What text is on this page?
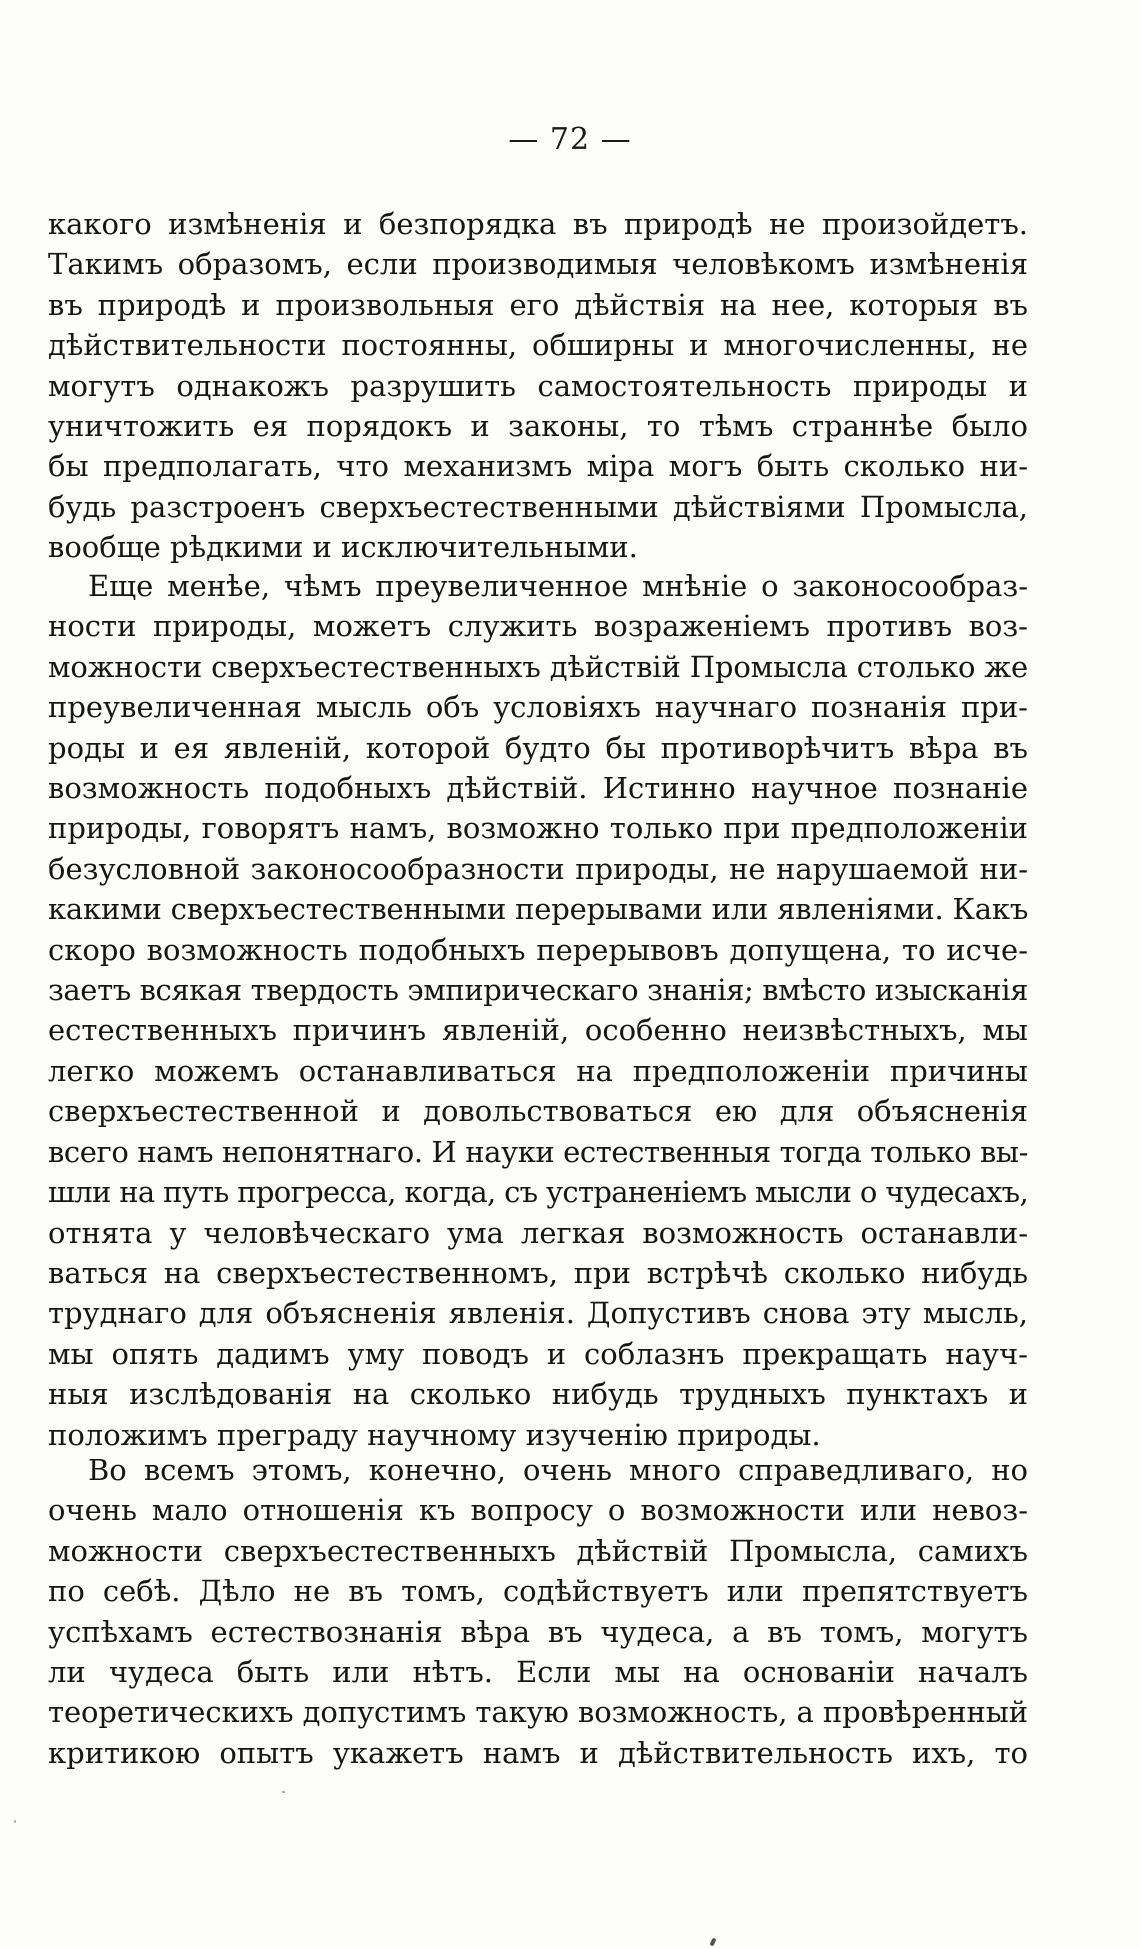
— 72 —
какого измѣненія и безпорядка въ природѣ не произойдетъ.
Такимъ образомъ, если производимыя человѣкомъ измѣненія
въ природѣ и произвольныя его дѣйствія на нее, которыя въ
дѣйствительности постоянны, обширны и многочисленны, не
могутъ однакожъ разрушить самостоятельность природы и
уничтожить ея порядокъ и законы, то тѣмъ страннѣе было
бы предполагать, что механизмъ міра могъ быть сколько ни-
будь разстроенъ сверхъестественными дѣйствіями Промысла,
вообще рѣдкими и исключительными.
Еще менѣе, чѣмъ преувеличенное мнѣніе о законосообраз-
ности природы, можетъ служить возраженіемъ противъ воз-
можности сверхъестественныхъ дѣйствій Промысла столько же
преувеличенная мысль объ условіяхъ научнаго познанія при-
роды и ея явленій, которой будто бы противорѣчитъ вѣра въ
возможность подобныхъ дѣйствій. Истинно научное познаніе
природы, говорятъ намъ, возможно только при предположеніи
безусловной законосообразности природы, не нарушаемой ни-
какими сверхъестественными перерывами или явленіями. Какъ
скоро возможность подобныхъ перерывовъ допущена, то исче-
заетъ всякая твердость эмпирическаго знанія; вмѣсто изысканія
естественныхъ причинъ явленій, особенно неизвѣстныхъ, мы
легко можемъ останавливаться на предположеніи причины
сверхъестественной и довольствоваться ею для объясненія
всего намъ непонятнаго. И науки естественныя тогда только вы-
шли на путь прогресса, когда, съ устраненіемъ мысли о чудесахъ,
отнята у человѣческаго ума легкая возможность останавли-
ваться на сверхъестественномъ, при встрѣчѣ сколько нибудь
труднаго для объясненія явленія. Допустивъ снова эту мысль,
мы опять дадимъ уму поводъ и соблазнъ прекращать науч-
ныя изслѣдованія на сколько нибудь трудныхъ пунктахъ и
положимъ преграду научному изученію природы.
Во всемъ этомъ, конечно, очень много справедливаго, но
очень мало отношенія къ вопросу о возможности или невоз-
можности сверхъестественныхъ дѣйствій Промысла, самихъ
по себѣ. Дѣло не въ томъ, содѣйствуетъ или препятствуетъ
успѣхамъ естествознанія вѣра въ чудеса, а въ томъ, могутъ
ли чудеса быть или нѣтъ. Если мы на основаніи началъ
теоретическихъ допустимъ такую возможность, а провѣренный
критикою опытъ укажетъ намъ и дѣйствительность ихъ, то
